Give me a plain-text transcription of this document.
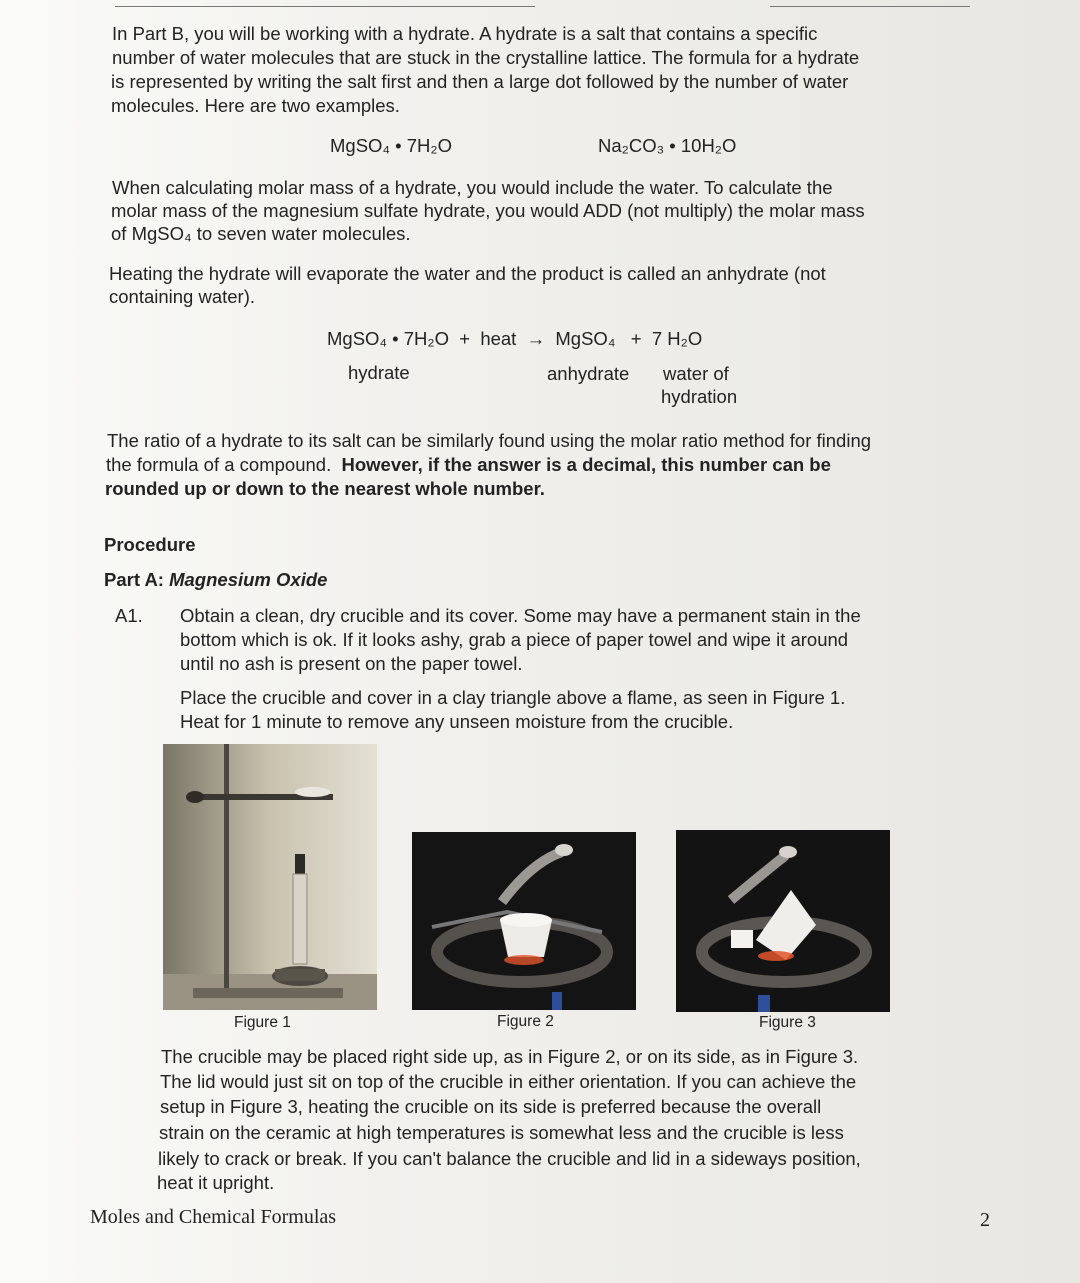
In Part B, you will be working with a hydrate. A hydrate is a salt that contains a specific

number of water molecules that are stuck in the crystalline lattice. The formula for a hydrate

is represented by writing the salt first and then a large dot followed by the number of water

molecules. Here are two examples.

MgSO₄ • 7H₂O	Na₂CO₃ • 10H₂O

When calculating molar mass of a hydrate, you would include the water. To calculate the

molar mass of the magnesium sulfate hydrate, you would ADD (not multiply) the molar mass

of MgSO₄ to seven water molecules.

Heating the hydrate will evaporate the water and the product is called an anhydrate (not

containing water).

MgSO₄ • 7H₂O  +  heat  →  MgSO₄   +  7 H₂O

hydrate	anhydrate water of

hydration

The ratio of a hydrate to its salt can be similarly found using the molar ratio method for finding

the formula of a compound.  However, if the answer is a decimal, this number can be

rounded up or down to the nearest whole number.

Procedure

Part A: Magnesium Oxide

A1. Obtain a clean, dry crucible and its cover. Some may have a permanent stain in the

bottom which is ok. If it looks ashy, grab a piece of paper towel and wipe it around

until no ash is present on the paper towel.

Place the crucible and cover in a clay triangle above a flame, as seen in Figure 1.

Heat for 1 minute to remove any unseen moisture from the crucible.

Figure 1	Figure 2	Figure 3

The crucible may be placed right side up, as in Figure 2, or on its side, as in Figure 3.

The lid would just sit on top of the crucible in either orientation. If you can achieve the

setup in Figure 3, heating the crucible on its side is preferred because the overall

strain on the ceramic at high temperatures is somewhat less and the crucible is less

likely to crack or break. If you can't balance the crucible and lid in a sideways position,

heat it upright.

Moles and Chemical Formulas	2
